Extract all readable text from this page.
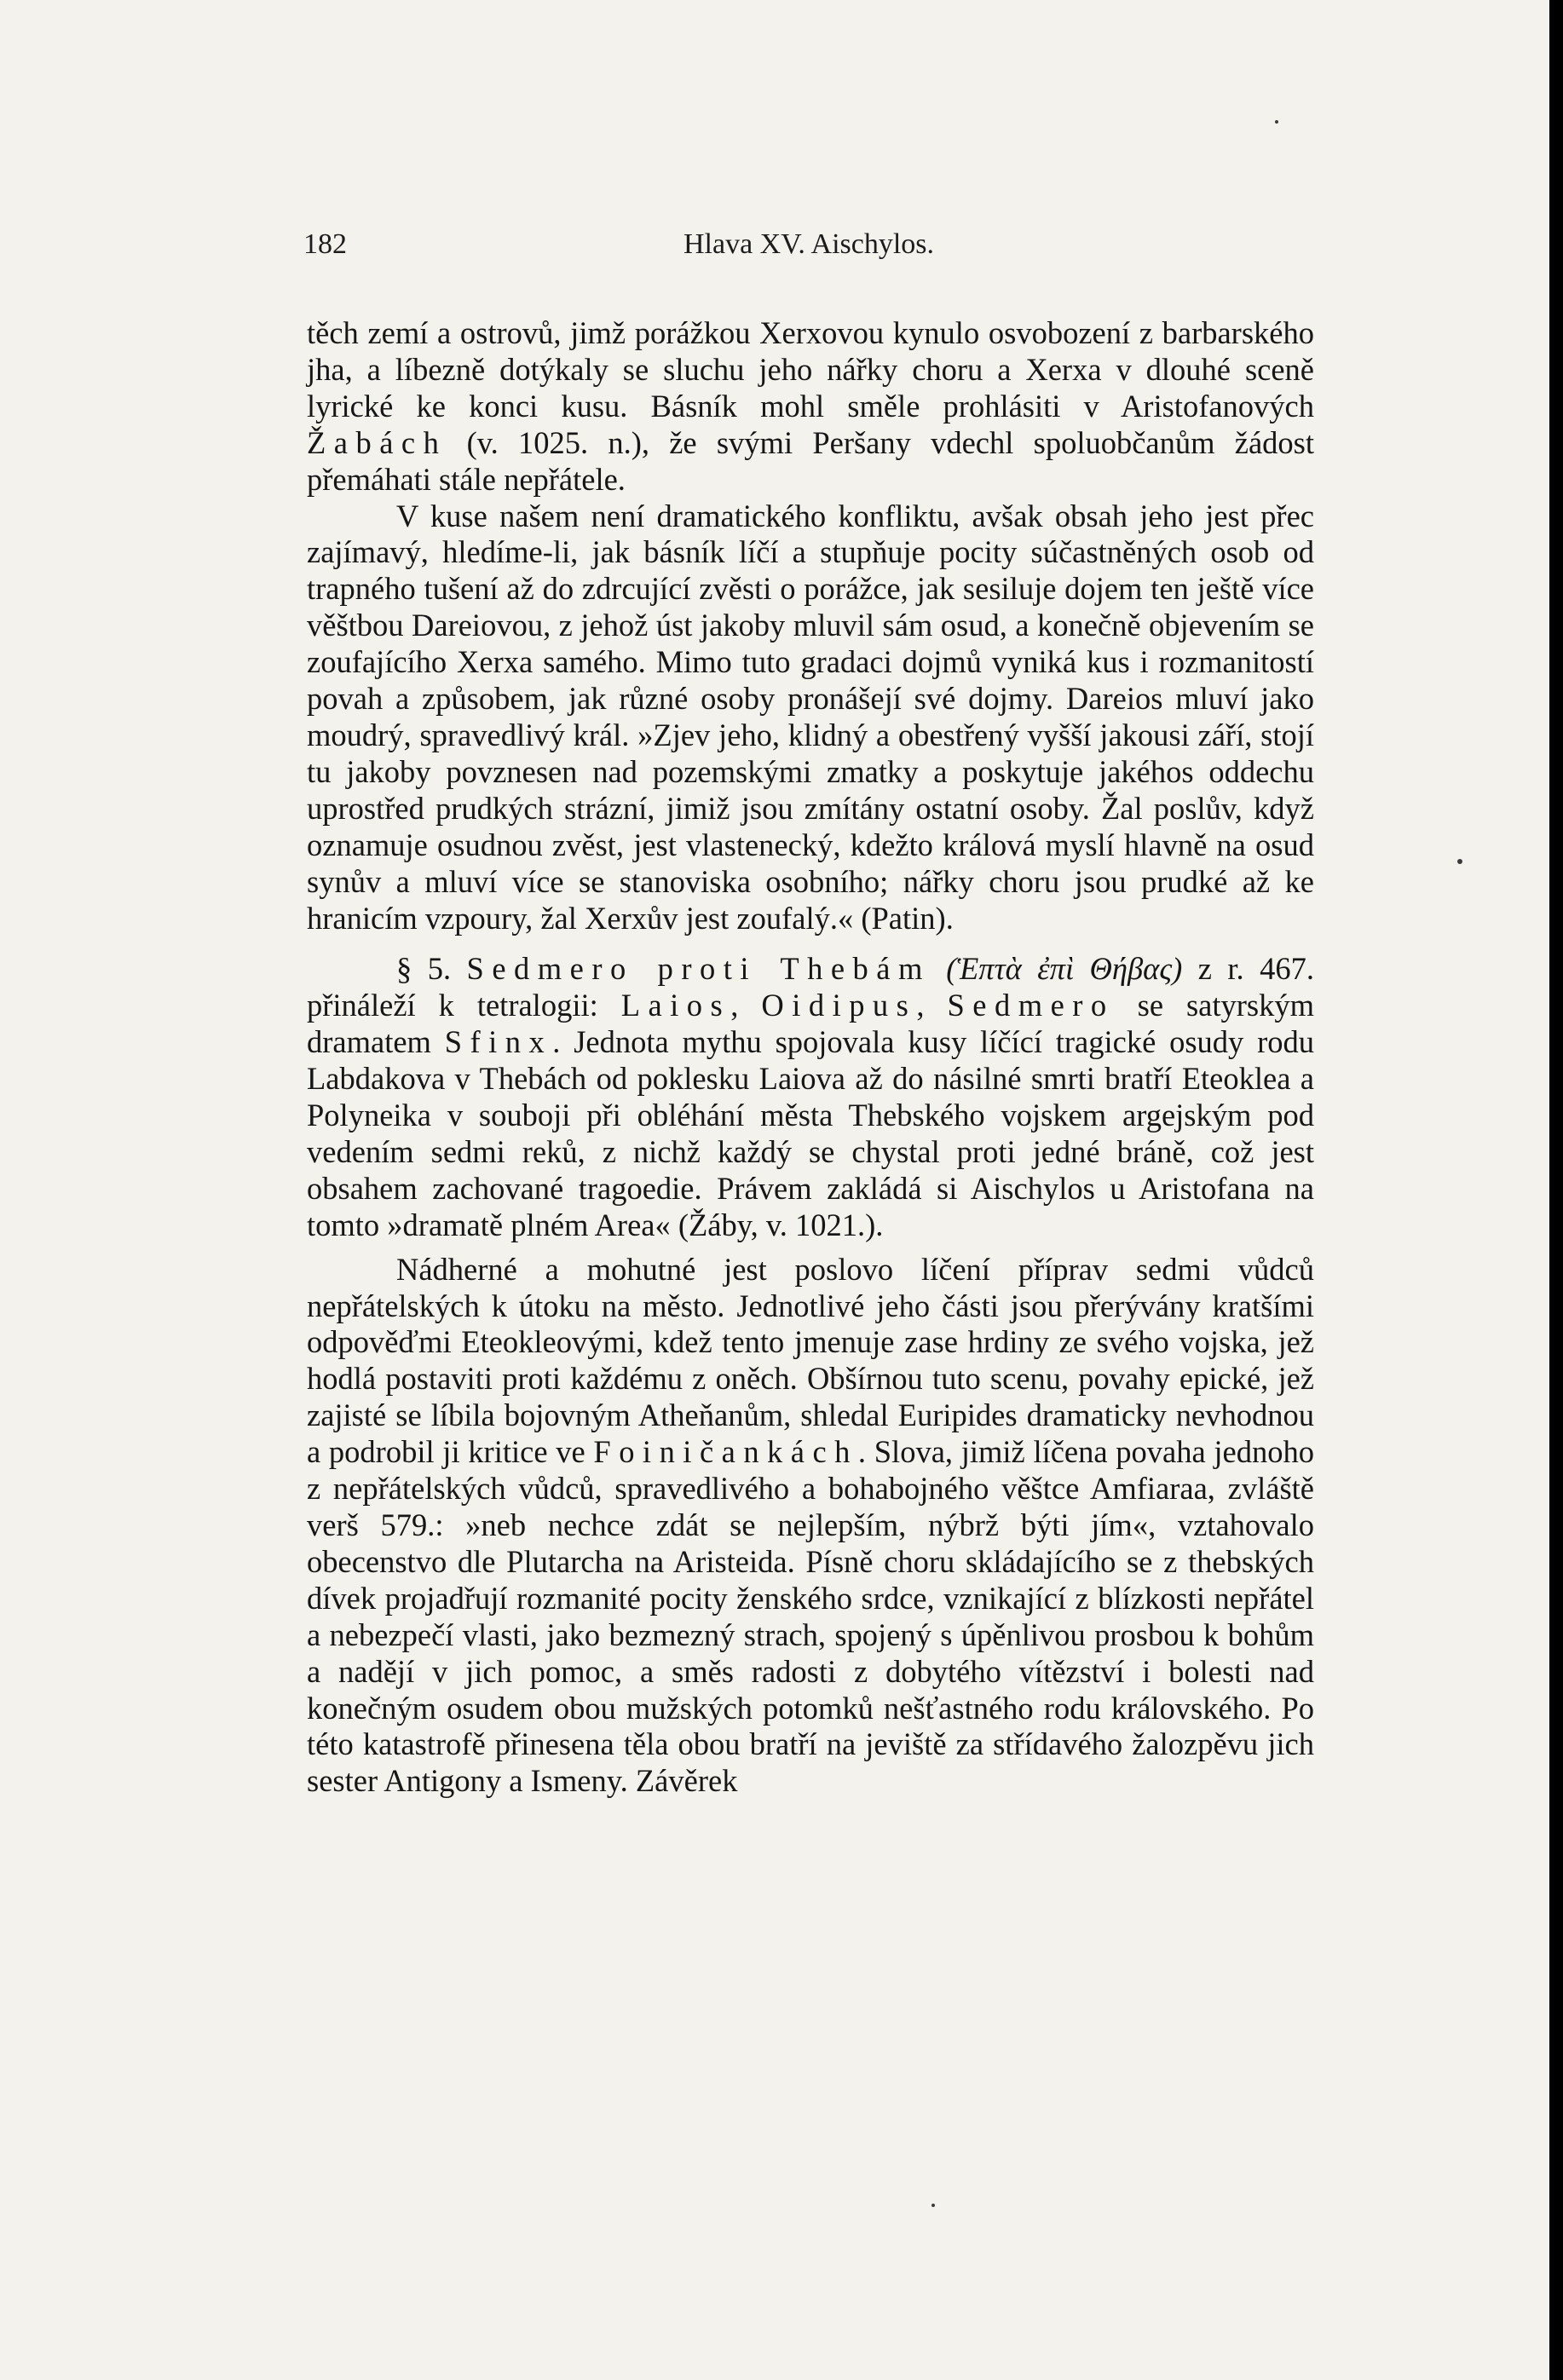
182	Hlava XV. Aischylos.

těch zemí a ostrovů, jimž porážkou Xerxovou kynulo osvobození z barbarského jha, a líbezně dotýkaly se sluchu jeho nářky choru a Xerxa v dlouhé sceně lyrické ke konci kusu. Básník mohl směle prohlásiti v Aristofanových Žabách (v. 1025. n.), že svými Peršany vdechl spoluobčanům žádost přemáhati stále nepřátele.

V kuse našem není dramatického konfliktu, avšak obsah jeho jest přec zajímavý, hledíme-li, jak básník líčí a stupňuje pocity súčastněných osob od trapného tušení až do zdrcující zvěsti o porážce, jak sesiluje dojem ten ještě více věštbou Dareiovou, z jehož úst jakoby mluvil sám osud, a konečně objevením se zoufajícího Xerxa samého. Mimo tuto gradaci dojmů vyniká kus i rozmanitostí povah a způsobem, jak různé osoby pronášejí své dojmy. Dareios mluví jako moudrý, spravedlivý král. »Zjev jeho, klidný a obestřený vyšší jakousi září, stojí tu jakoby povznesen nad pozemskými zmatky a poskytuje jakéhos oddechu uprostřed prudkých strázní, jimiž jsou zmítány ostatní osoby. Žal poslův, když oznamuje osudnou zvěst, jest vlastenecký, kdežto králová myslí hlavně na osud synův a mluví více se stanoviska osobního; nářky choru jsou prudké až ke hranicím vzpoury, žal Xerxův jest zoufalý.« (Patin).

§ 5. Sedmero proti Thebám (Ἑπτὰ ἐπὶ Θήβας) z r. 467. přináleží k tetralogii: Laios, Oidipus, Sedmero se satyrským dramatem Sfinx. Jednota mythu spojovala kusy líčící tragické osudy rodu Labdakova v Thebách od poklesku Laiova až do násilné smrti bratří Eteoklea a Polyneika v souboji při obléhání města Thebského vojskem argejským pod vedením sedmi reků, z nichž každý se chystal proti jedné bráně, což jest obsahem zachované tragoedie. Právem zakládá si Aischylos u Aristofana na tomto »dramatě plném Area« (Žáby, v. 1021.).

Nádherné a mohutné jest poslovo líčení příprav sedmi vůdců nepřátelských k útoku na město. Jednotlivé jeho části jsou přerývány kratšími odpověďmi Eteokleovými, kdež tento jmenuje zase hrdiny ze svého vojska, jež hodlá postaviti proti každému z oněch. Obšírnou tuto scenu, povahy epické, jež zajisté se líbila bojovným Atheňanům, shledal Euripides dramaticky nevhodnou a podrobil ji kritice ve Foiničankách. Slova, jimiž líčena povaha jednoho z nepřátelských vůdců, spravedlivého a bohabojného věštce Amfiaraa, zvláště verš 579.: »neb nechce zdát se nejlepším, nýbrž býti jím«, vztahovalo obecenstvo dle Plutarcha na Aristeida. Písně choru skládajícího se z thebských dívek projadřují rozmanité pocity ženského srdce, vznikající z blízkosti nepřátel a nebezpečí vlasti, jako bezmezný strach, spojený s úpěnlivou prosbou k bohům a nadějí v jich pomoc, a směs radosti z dobytého vítězství i bolesti nad konečným osudem obou mužských potomků nešťastného rodu královského. Po této katastrofě přinesena těla obou bratří na jeviště za střídavého žalozpěvu jich sester Antigony a Ismeny. Závěrek
